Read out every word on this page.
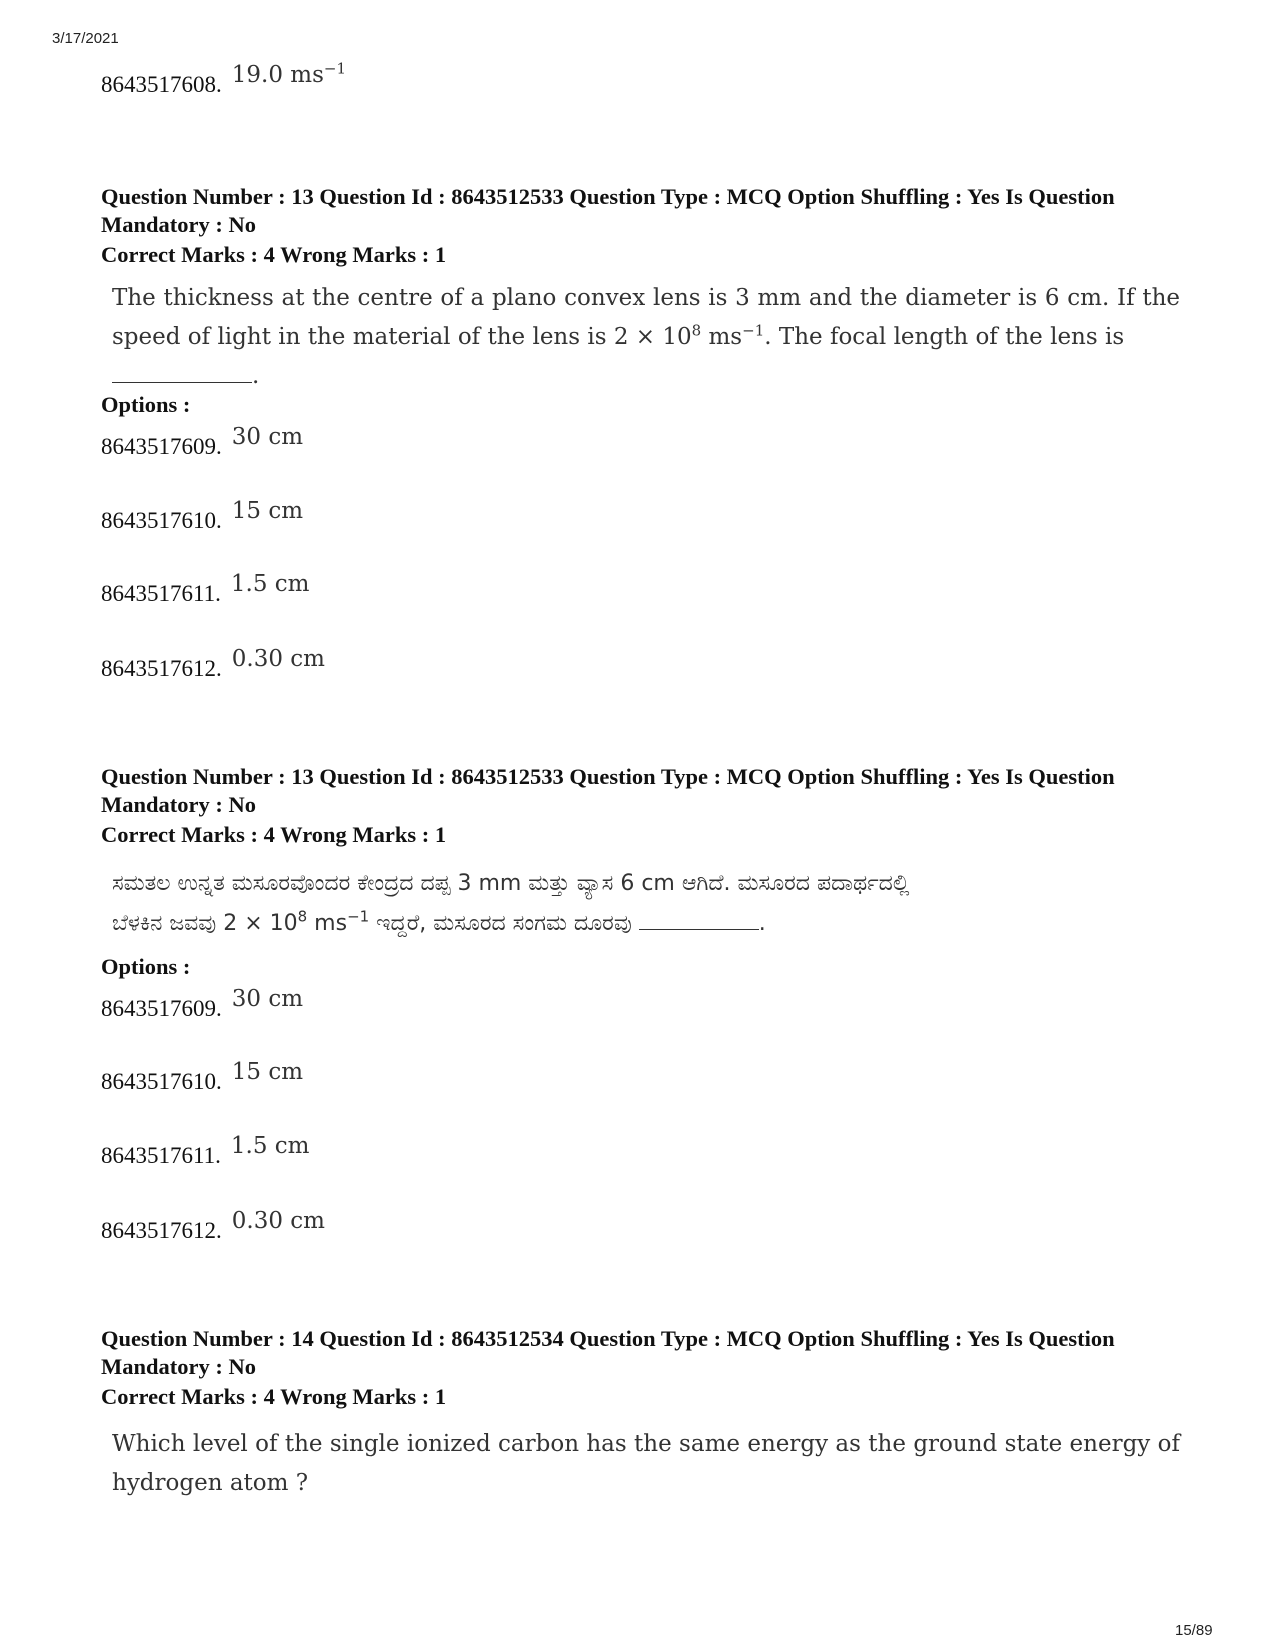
3/17/2021
8643517608. 19.0 $ms^{-1}$
Question Number : 13 Question Id : 8643512533 Question Type : MCQ Option Shuffling : Yes Is Question Mandatory : No
Correct Marks : 4 Wrong Marks : 1
The thickness at the centre of a plano convex lens is 3 mm and the diameter is 6 cm. If the speed of light in the material of the lens is $2 \times 10^8$ $ms^{-1}$. The focal length of the lens is
.
Options :
8643517609. 30 cm
8643517610. 15 cm
8643517611. 1.5 cm
8643517612. 0.30 cm
Question Number : 13 Question Id : 8643512533 Question Type : MCQ Option Shuffling : Yes Is Question Mandatory : No
Correct Marks : 4 Wrong Marks : 1
ಸಮತಲ ಉನ್ನತ ಮಸೂರವೊಂದರ ಕೇಂದ್ರದ ದಪ್ಪ 3 mm ಮತ್ತು ವ್ಯಾಸ 6 cm ಆಗಿದೆ. ಮಸೂರದ ಪದಾರ್ಥದಲ್ಲಿ
ಬೆಳಕಿನ ಜವವು $2 \times 10^8$ $ms^{-1}$ ಇದ್ದರೆ, ಮಸೂರದ ಸಂಗಮ ದೂರವು	.
Options :
8643517609. 30 cm
8643517610. 15 cm
8643517611. 1.5 cm
8643517612. 0.30 cm
Question Number : 14 Question Id : 8643512534 Question Type : MCQ Option Shuffling : Yes Is Question Mandatory : No
Correct Marks : 4 Wrong Marks : 1
Which level of the single ionized carbon has the same energy as the ground state energy of hydrogen atom ?
15/89
